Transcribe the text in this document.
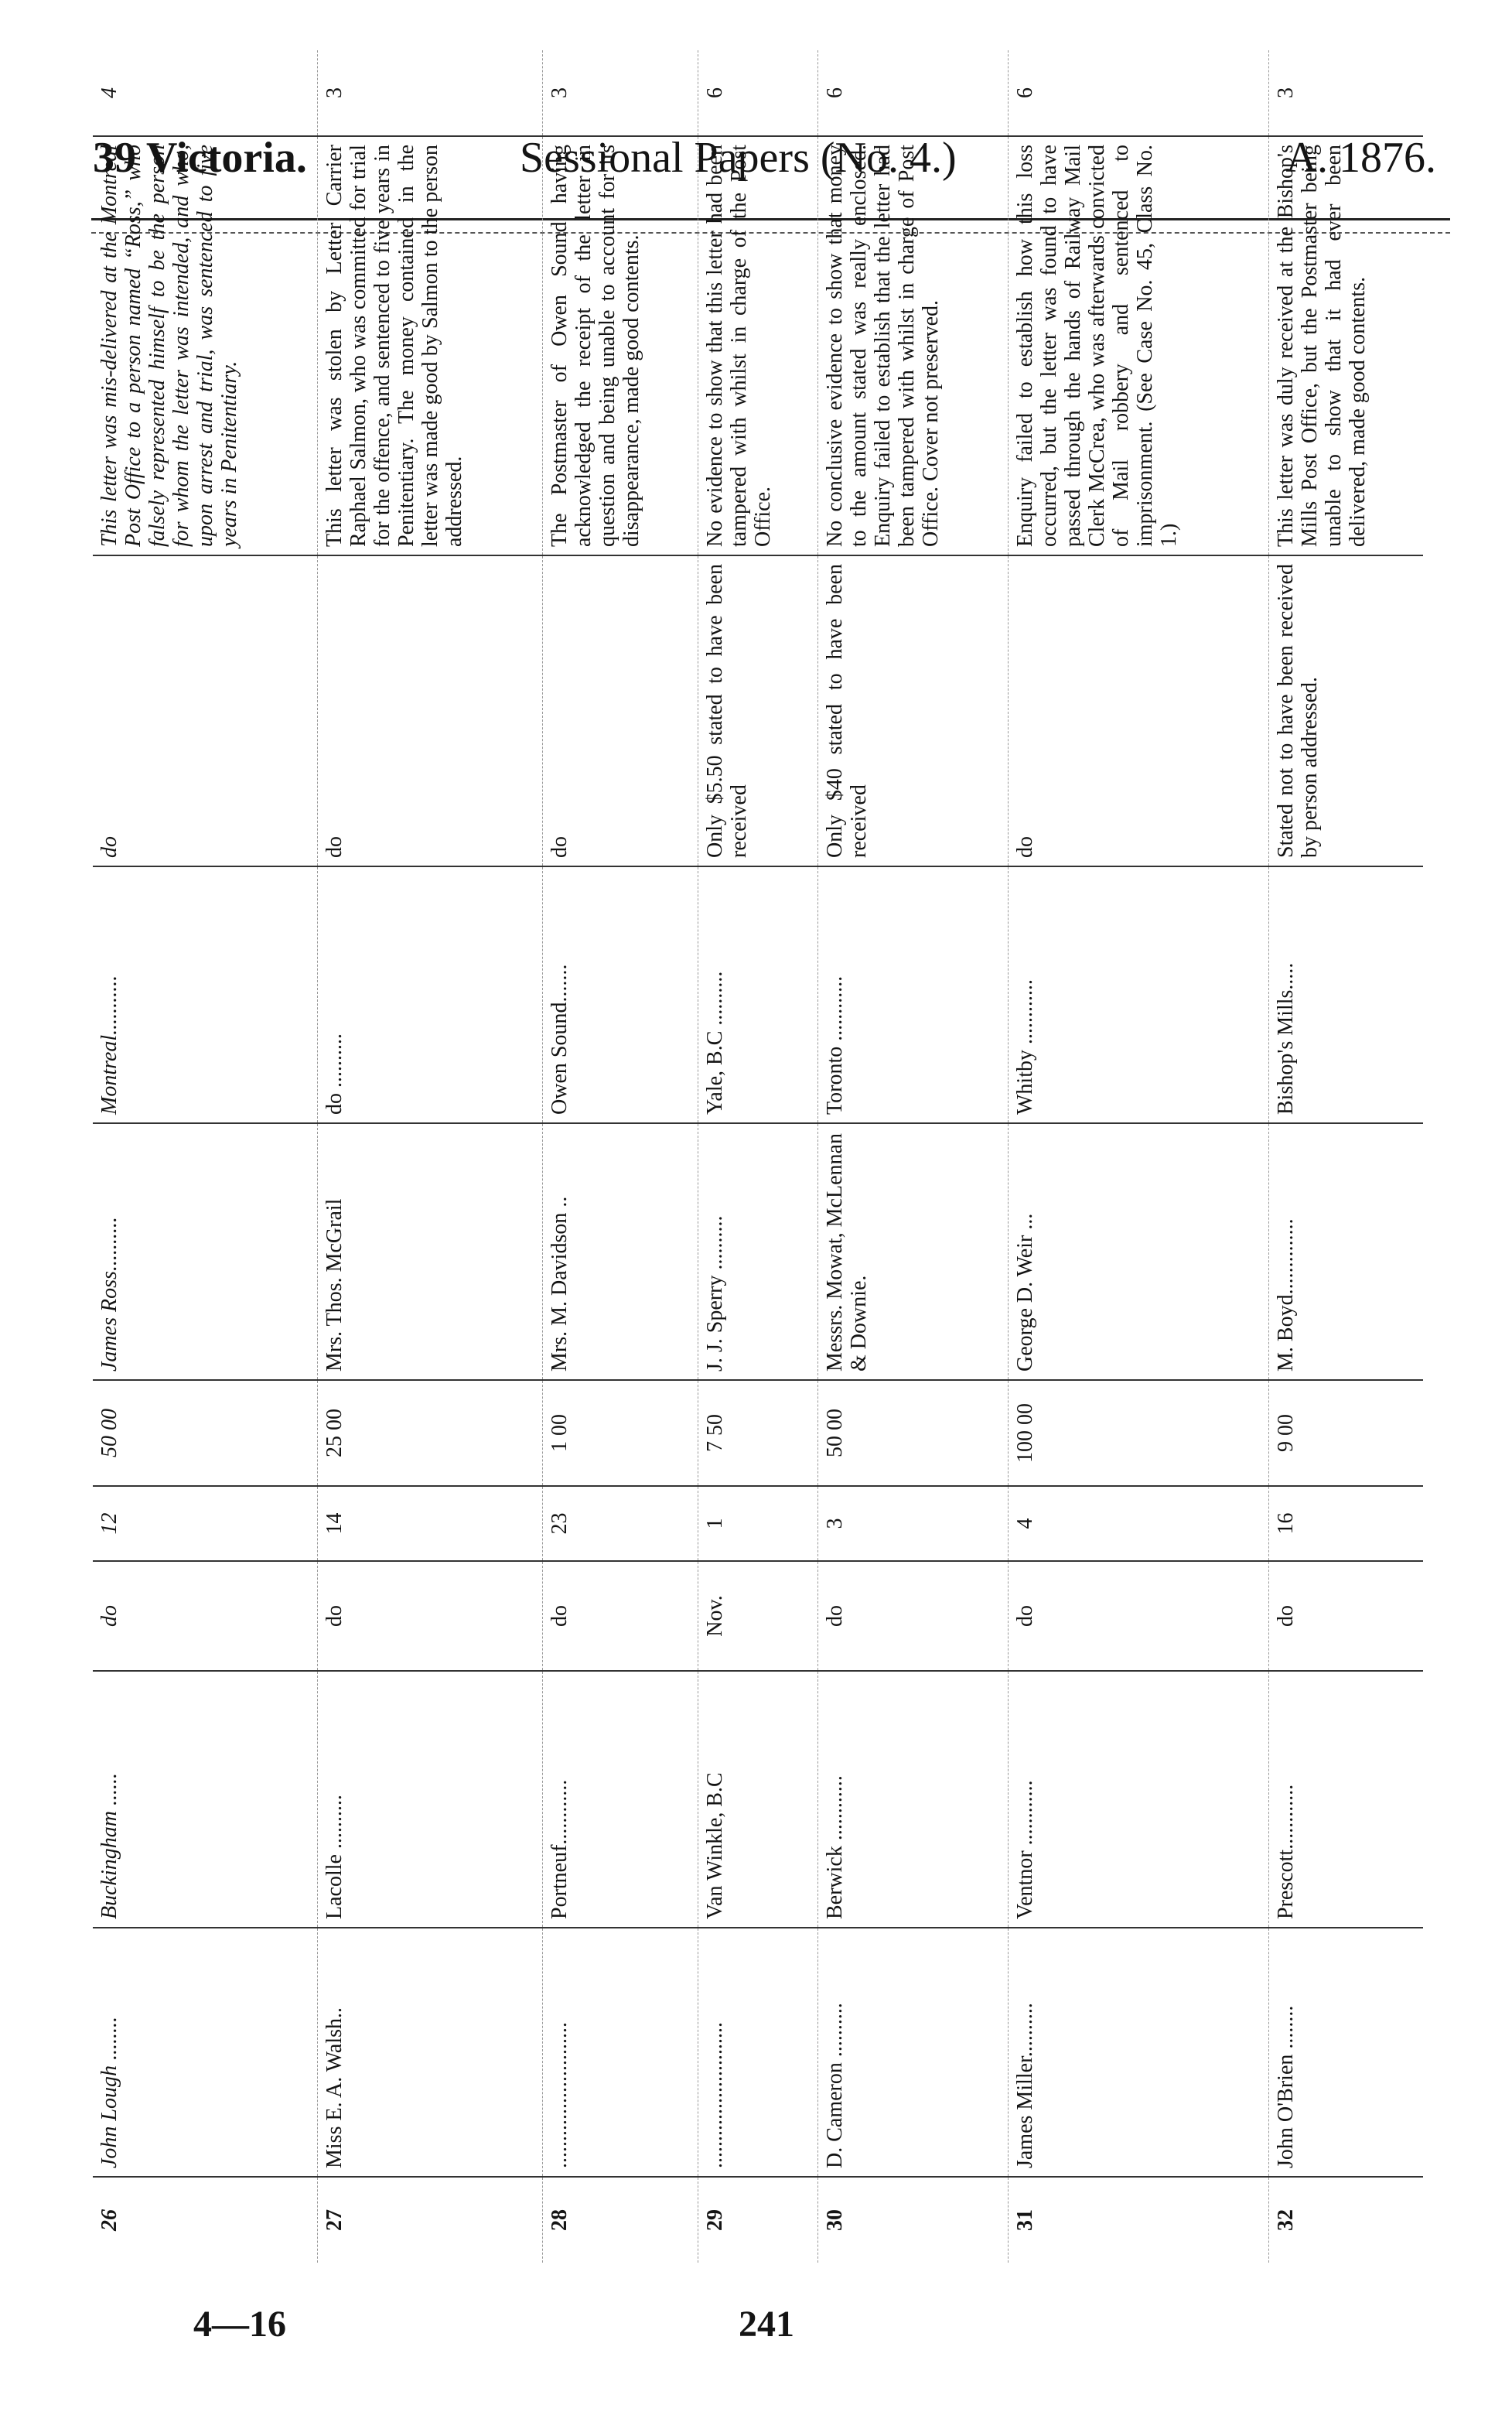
39 Victoria.	Sessional Papers (No. 4.)	A. 1876.
26	John Lough ........	Buckingham ......	do	12	50 00	James Ross..........	Montreal...........	do	This letter was mis-delivered at the Montreal Post Office to a person named “Ross,” who falsely represented himself to be the person for whom the letter was intended, and who, upon arrest and trial, was sentenced to five years in Penitentiary.	4
27	Miss E. A. Walsh..	Lacolle ..........	do	14	25 00	Mrs. Thos. McGrail	do ..........	do	This letter was stolen by Letter Carrier Raphael Salmon, who was committed for trial for the offence, and sentenced to five years in Penitentiary. The money contained in the letter was made good by Salmon to the person addressed.	3
28	...........................	Portneuf............	do	23	1 00	Mrs. M. Davidson ..	Owen Sound.......	do	The Postmaster of Owen Sound having acknowledged the receipt of the letter in question and being unable to account for its disappearance, made good contents.	3
29	...........................	Van Winkle, B.C	Nov.	1	7 50	J. J. Sperry ..........	Yale, B.C ..........	Only $5.50 stated to have been received	No evidence to show that this letter had been tampered with whilst in charge of the Post Office.	6
30	D. Cameron ..........	Berwick ............	do	3	50 00	Messrs. Mowat, McLennan & Downie.	Toronto ............	Only $40 stated to have been received	No conclusive evidence to show that money to the amount stated was really enclosed. Enquiry failed to establish that the letter had been tampered with whilst in charge of Post Office. Cover not preserved.	6
31	James Miller..........	Ventnor ............	do	4	100 00	George D. Weir ...	Whitby ............	do	Enquiry failed to establish how this loss occurred, but the letter was found to have passed through the hands of Railway Mail Clerk McCrea, who was afterwards convicted of Mail robbery and sentenced to imprisonment. (See Case No. 45, Class No. 1.)	6
32	John O'Brien ........	Prescott............	do	16	9 00	M. Boyd..............	Bishop's Mills.....	Stated not to have been received by person addressed.	This letter was duly received at the Bishop's Mills Post Office, but the Postmaster being unable to show that it had ever been delivered, made good contents.	3
4—16	241
